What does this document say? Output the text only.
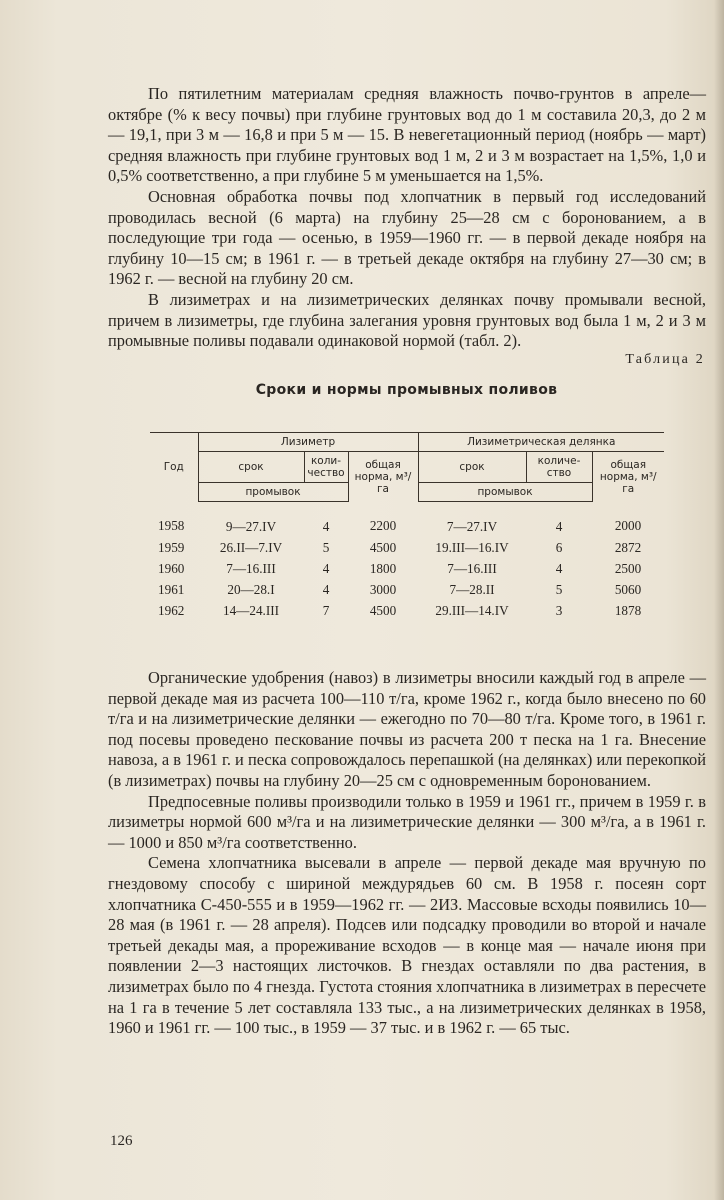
По пятилетним материалам средняя влажность почво-грунтов в апреле—октябре (% к весу почвы) при глубине грунтовых вод до 1 м составила 20,3, до 2 м — 19,1, при 3 м — 16,8 и при 5 м — 15. В невегетационный период (ноябрь — март) средняя влажность при глубине грунтовых вод 1 м, 2 и 3 м возрастает на 1,5%, 1,0 и 0,5% соответственно, а при глубине 5 м уменьшается на 1,5%.

Основная обработка почвы под хлопчатник в первый год исследований проводилась весной (6 марта) на глубину 25—28 см с боронованием, а в последующие три года — осенью, в 1959—1960 гг. — в первой декаде ноября на глубину 10—15 см; в 1961 г. — в третьей декаде октября на глубину 27—30 см; в 1962 г. — весной на глубину 20 см.

В лизиметрах и на лизиметрических делянках почву промывали весной, причем в лизиметры, где глубина залегания уровня грунтовых вод была 1 м, 2 и 3 м промывные поливы подавали одинаковой нормой (табл. 2).

Таблица 2
Сроки и нормы промывных поливов
Год	Лизиметр			Лизиметрическая делянка		
	срок	коли-чество	общая норма, м³/га	срок	количе-ство	общая норма, м³/га
	промывок			промывок		
1958	9—27.IV	4	2200	7—27.IV	4	2000
1959	26.II—7.IV	5	4500	19.III—16.IV	6	2872
1960	7—16.III	4	1800	7—16.III	4	2500
1961	20—28.I	4	3000	7—28.II	5	5060
1962	14—24.III	7	4500	29.III—14.IV	3	1878

Органические удобрения (навоз) в лизиметры вносили каждый год в апреле — первой декаде мая из расчета 100—110 т/га, кроме 1962 г., когда было внесено по 60 т/га и на лизиметрические делянки — ежегодно по 70—80 т/га. Кроме того, в 1961 г. под посевы проведено пескование почвы из расчета 200 т песка на 1 га. Внесение навоза, а в 1961 г. и песка сопровождалось перепашкой (на делянках) или перекопкой (в лизиметрах) почвы на глубину 20—25 см с одновременным боронованием.

Предпосевные поливы производили только в 1959 и 1961 гг., причем в 1959 г. в лизиметры нормой 600 м³/га и на лизиметрические делянки — 300 м³/га, а в 1961 г. — 1000 и 850 м³/га соответственно.

Семена хлопчатника высевали в апреле — первой декаде мая вручную по гнездовому способу с шириной междурядьев 60 см. В 1958 г. посеян сорт хлопчатника С-450-555 и в 1959—1962 гг. — 2ИЗ. Массовые всходы появились 10—28 мая (в 1961 г. — 28 апреля). Подсев или подсадку проводили во второй и начале третьей декады мая, а прореживание всходов — в конце мая — начале июня при появлении 2—3 настоящих листочков. В гнездах оставляли по два растения, в лизиметрах было по 4 гнезда. Густота стояния хлопчатника в лизиметрах в пересчете на 1 га в течение 5 лет составляла 133 тыс., а на лизиметрических делянках в 1958, 1960 и 1961 гг. — 100 тыс., в 1959 — 37 тыс. и в 1962 г. — 65 тыс.

126
